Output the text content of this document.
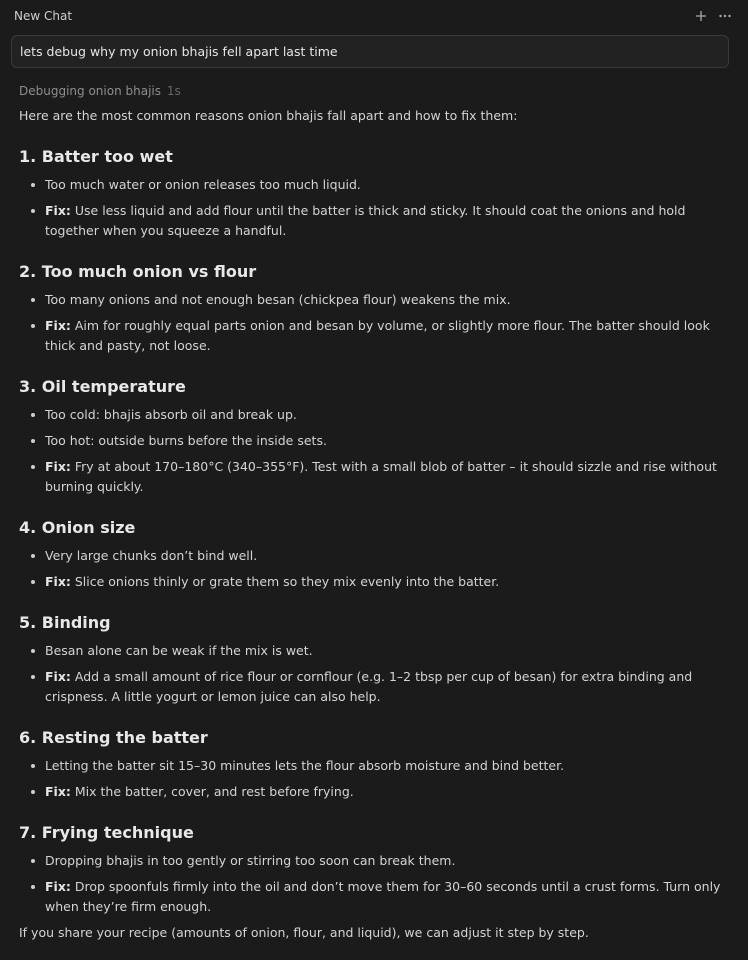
New Chat
lets debug why my onion bhajis fell apart last time
Debugging onion bhajis 1s

Here are the most common reasons onion bhajis fall apart and how to fix them:

1. Batter too wet
Too much water or onion releases too much liquid.
Fix: Use less liquid and add flour until the batter is thick and sticky. It should coat the onions and hold together when you squeeze a handful.
2. Too much onion vs flour
Too many onions and not enough besan (chickpea flour) weakens the mix.
Fix: Aim for roughly equal parts onion and besan by volume, or slightly more flour. The batter should look thick and pasty, not loose.
3. Oil temperature
Too cold: bhajis absorb oil and break up.
Too hot: outside burns before the inside sets.
Fix: Fry at about 170–180°C (340–355°F). Test with a small blob of batter – it should sizzle and rise without burning quickly.
4. Onion size
Very large chunks don’t bind well.
Fix: Slice onions thinly or grate them so they mix evenly into the batter.
5. Binding
Besan alone can be weak if the mix is wet.
Fix: Add a small amount of rice flour or cornflour (e.g. 1–2 tbsp per cup of besan) for extra binding and crispness. A little yogurt or lemon juice can also help.
6. Resting the batter
Letting the batter sit 15–30 minutes lets the flour absorb moisture and bind better.
Fix: Mix the batter, cover, and rest before frying.
7. Frying technique
Dropping bhajis in too gently or stirring too soon can break them.
Fix: Drop spoonfuls firmly into the oil and don’t move them for 30–60 seconds until a crust forms. Turn only when they’re firm enough.

If you share your recipe (amounts of onion, flour, and liquid), we can adjust it step by step.
